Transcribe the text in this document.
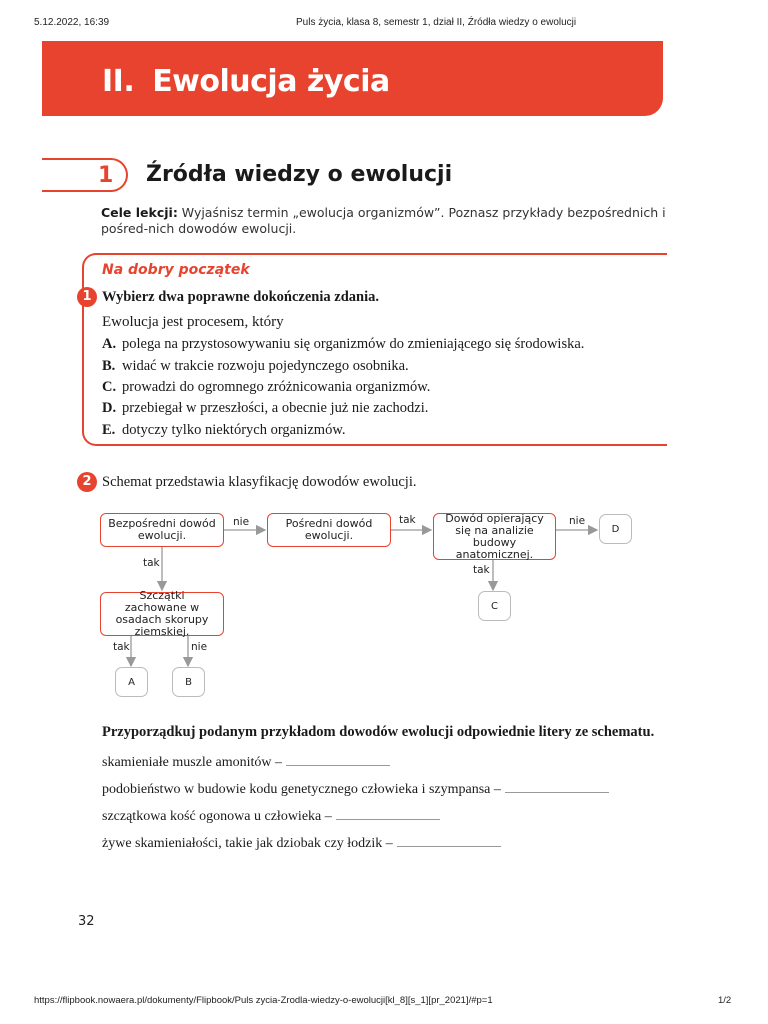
5.12.2022, 16:39	Puls życia, klasa 8, semestr 1, dział II, Źródła wiedzy o ewolucji
II. Ewolucja życia
1 Źródła wiedzy o ewolucji
Cele lekcji: Wyjaśnisz termin „ewolucja organizmów”. Poznasz przykłady bezpośrednich i pośred-nich dowodów ewolucji.
Na dobry początek
1 Wybierz dwa poprawne dokończenia zdania.
Ewolucja jest procesem, który
A. polega na przystosowywaniu się organizmów do zmieniającego się środowiska.
B. widać w trakcie rozwoju pojedynczego osobnika.
C. prowadzi do ogromnego zróżnicowania organizmów.
D. przebiegał w przeszłości, a obecnie już nie zachodzi.
E. dotyczy tylko niektórych organizmów.
2 Schemat przedstawia klasyfikację dowodów ewolucji.
Bezpośredni dowód ewolucji.
Pośredni dowód ewolucji.
Dowód opierający się na analizie budowy anatomicznej.
D
Szczątki zachowane w osadach skorupy ziemskiej.
C
A	B
nie	tak	nie
tak
tak
tak	nie
Przyporządkuj podanym przykładom dowodów ewolucji odpowiednie litery ze schematu.
skamieniałe muszle amonitów –
podobieństwo w budowie kodu genetycznego człowieka i szympansa –
szczątkowa kość ogonowa u człowieka –
żywe skamieniałości, takie jak dziobak czy łodzik –
32
https://flipbook.nowaera.pl/dokumenty/Flipbook/Puls zycia-Zrodla-wiedzy-o-ewolucji[kl_8][s_1][pr_2021]/#p=1	1/2
